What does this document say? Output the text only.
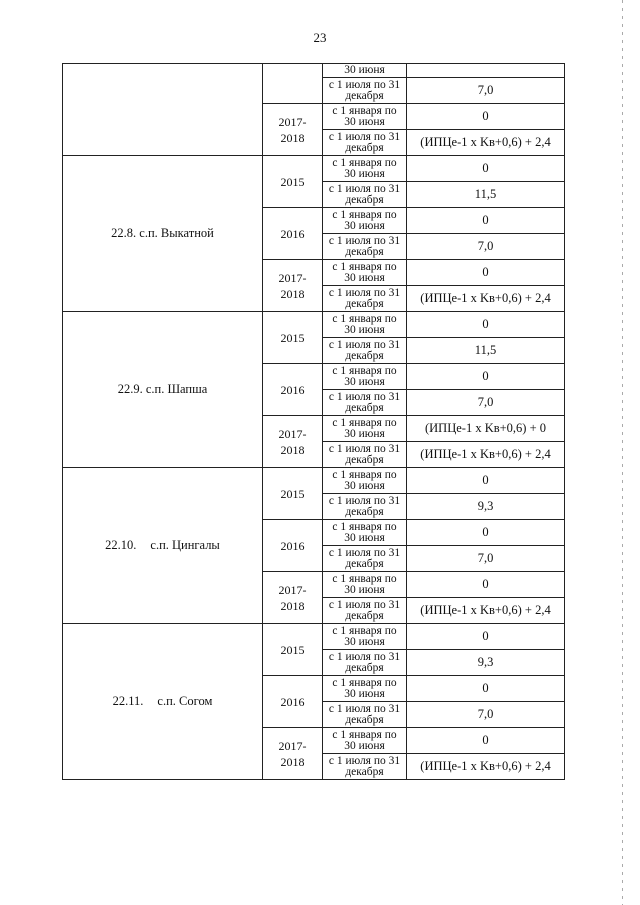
23
		30 июня	
		с 1 июля по 31
декабря	7,0
	2017-
2018	с 1 января по
30 июня	0
		с 1 июля по 31
декабря	(ИПЦе-1 х Kв+0,6) + 2,4
22.8. с.п. Выкатной	2015	с 1 января по
30 июня	0
		с 1 июля по 31
декабря	11,5
	2016	с 1 января по
30 июня	0
		с 1 июля по 31
декабря	7,0
	2017-
2018	с 1 января по
30 июня	0
		с 1 июля по 31
декабря	(ИПЦе-1 х Kв+0,6) + 2,4
22.9. с.п. Шапша	2015	с 1 января по
30 июня	0
		с 1 июля по 31
декабря	11,5
	2016	с 1 января по
30 июня	0
		с 1 июля по 31
декабря	7,0
	2017-
2018	с 1 января по
30 июня	(ИПЦе-1 х Kв+0,6) + 0
		с 1 июля по 31
декабря	(ИПЦе-1 х Kв+0,6) + 2,4
22.10. с.п. Цингалы	2015	с 1 января по
30 июня	0
		с 1 июля по 31
декабря	9,3
	2016	с 1 января по
30 июня	0
		с 1 июля по 31
декабря	7,0
	2017-
2018	с 1 января по
30 июня	0
		с 1 июля по 31
декабря	(ИПЦе-1 х Kв+0,6) + 2,4
22.11. с.п. Согом	2015	с 1 января по
30 июня	0
		с 1 июля по 31
декабря	9,3
	2016	с 1 января по
30 июня	0
		с 1 июля по 31
декабря	7,0
	2017-
2018	с 1 января по
30 июня	0
		с 1 июля по 31
декабря	(ИПЦе-1 х Kв+0,6) + 2,4
